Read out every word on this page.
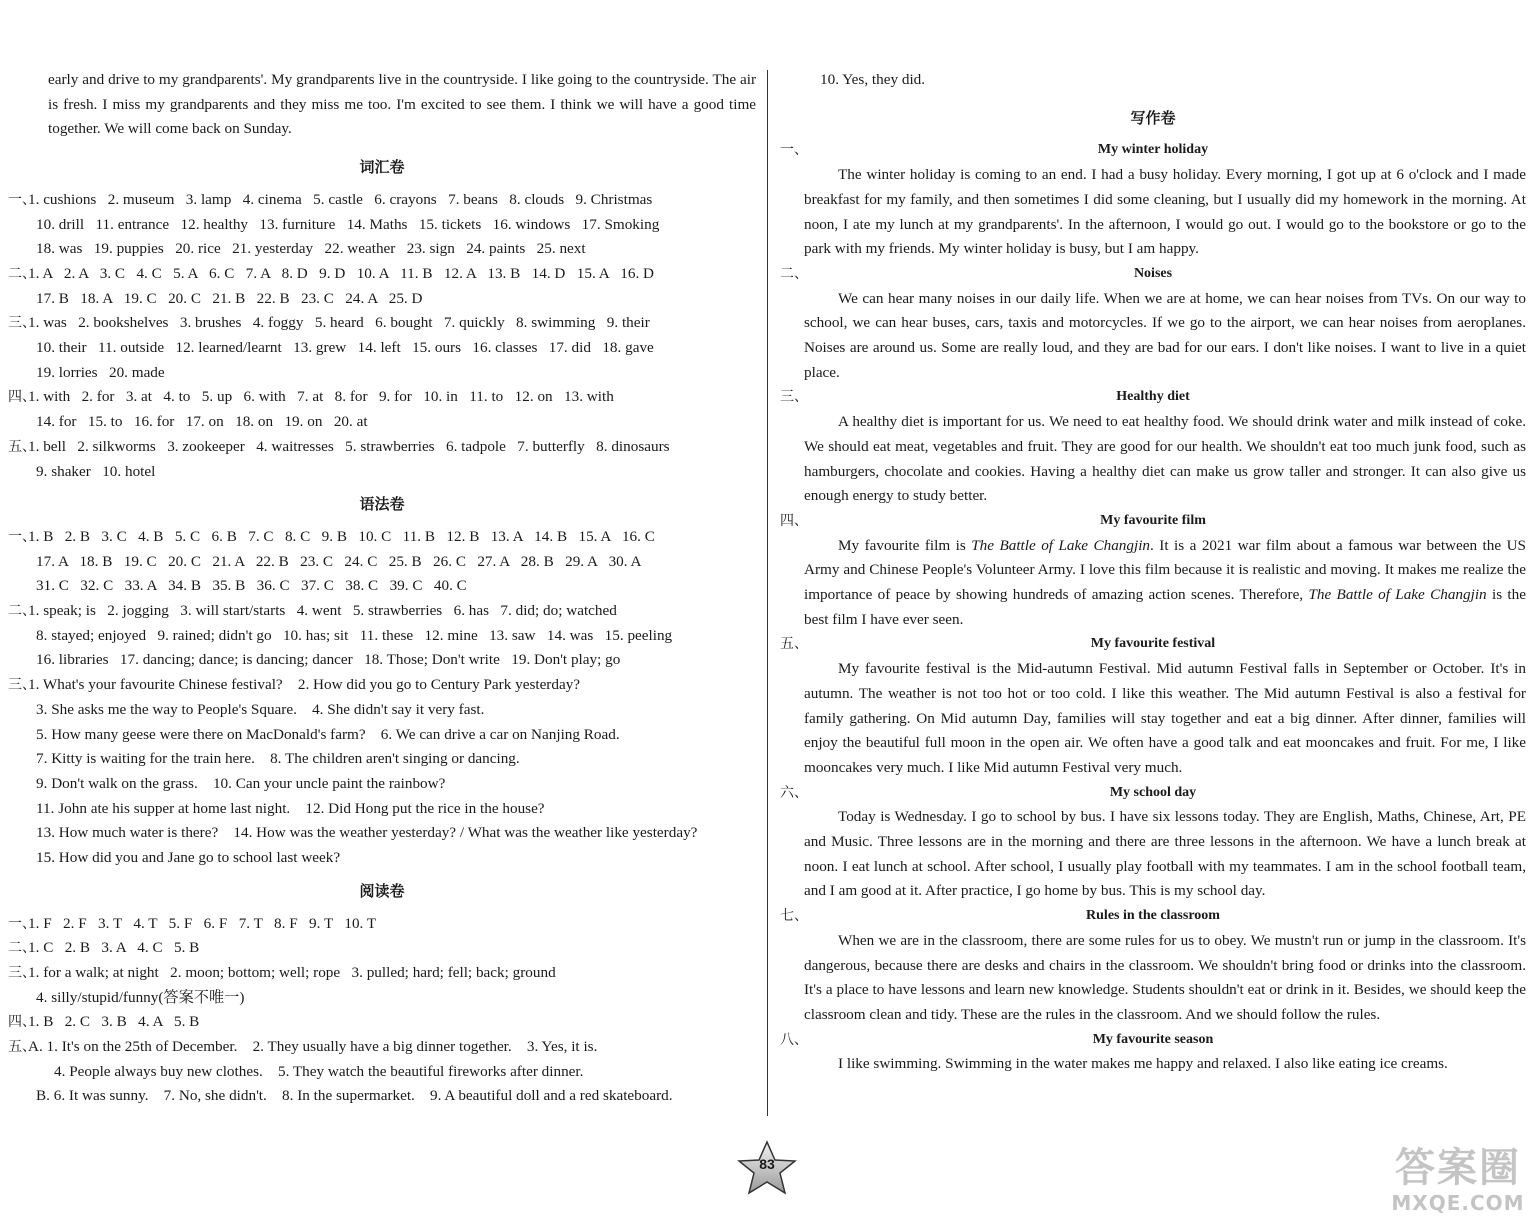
early and drive to my grandparents'. My grandparents live in the countryside. I like going to the countryside. The air is fresh. I miss my grandparents and they miss me too. I'm excited to see them. I think we will have a good time together. We will come back on Sunday.
词汇卷
一、1. cushions   2. museum   3. lamp   4. cinema   5. castle   6. crayons   7. beans   8. clouds   9. Christmas
10. drill   11. entrance   12. healthy   13. furniture   14. Maths   15. tickets   16. windows   17. Smoking
18. was   19. puppies   20. rice   21. yesterday   22. weather   23. sign   24. paints   25. next
二、1. A   2. A   3. C   4. C   5. A   6. C   7. A   8. D   9. D   10. A   11. B   12. A   13. B   14. D   15. A   16. D
17. B   18. A   19. C   20. C   21. B   22. B   23. C   24. A   25. D
三、1. was   2. bookshelves   3. brushes   4. foggy   5. heard   6. bought   7. quickly   8. swimming   9. their
10. their   11. outside   12. learned/learnt   13. grew   14. left   15. ours   16. classes   17. did   18. gave
19. lorries   20. made
四、1. with   2. for   3. at   4. to   5. up   6. with   7. at   8. for   9. for   10. in   11. to   12. on   13. with
14. for   15. to   16. for   17. on   18. on   19. on   20. at
五、1. bell   2. silkworms   3. zookeeper   4. waitresses   5. strawberries   6. tadpole   7. butterfly   8. dinosaurs
9. shaker   10. hotel
语法卷
一、1. B   2. B   3. C   4. B   5. C   6. B   7. C   8. C   9. B   10. C   11. B   12. B   13. A   14. B   15. A   16. C
17. A   18. B   19. C   20. C   21. A   22. B   23. C   24. C   25. B   26. C   27. A   28. B   29. A   30. A
31. C   32. C   33. A   34. B   35. B   36. C   37. C   38. C   39. C   40. C
二、1. speak; is   2. jogging   3. will start/starts   4. went   5. strawberries   6. has   7. did; do; watched
8. stayed; enjoyed   9. rained; didn't go   10. has; sit   11. these   12. mine   13. saw   14. was   15. peeling
16. libraries   17. dancing; dance; is dancing; dancer   18. Those; Don't write   19. Don't play; go
三、1. What's your favourite Chinese festival?    2. How did you go to Century Park yesterday?
3. She asks me the way to People's Square.    4. She didn't say it very fast.
5. How many geese were there on MacDonald's farm?    6. We can drive a car on Nanjing Road.
7. Kitty is waiting for the train here.    8. The children aren't singing or dancing.
9. Don't walk on the grass.    10. Can your uncle paint the rainbow?
11. John ate his supper at home last night.    12. Did Hong put the rice in the house?
13. How much water is there?    14. How was the weather yesterday? / What was the weather like yesterday?
15. How did you and Jane go to school last week?
阅读卷
一、1. F   2. F   3. T   4. T   5. F   6. F   7. T   8. F   9. T   10. T
二、1. C   2. B   3. A   4. C   5. B
三、1. for a walk; at night   2. moon; bottom; well; rope   3. pulled; hard; fell; back; ground
4. silly/stupid/funny(答案不唯一)
四、1. B   2. C   3. B   4. A   5. B
五、A. 1. It's on the 25th of December.    2. They usually have a big dinner together.    3. Yes, it is.
4. People always buy new clothes.    5. They watch the beautiful fireworks after dinner.
B. 6. It was sunny.    7. No, she didn't.    8. In the supermarket.    9. A beautiful doll and a red skateboard.
10. Yes, they did.
写作卷
一、	My winter holiday
The winter holiday is coming to an end. I had a busy holiday. Every morning, I got up at 6 o'clock and I made breakfast for my family, and then sometimes I did some cleaning, but I usually did my homework in the morning. At noon, I ate my lunch at my grandparents'. In the afternoon, I would go out. I would go to the bookstore or go to the park with my friends. My winter holiday is busy, but I am happy.
二、	Noises
We can hear many noises in our daily life. When we are at home, we can hear noises from TVs. On our way to school, we can hear buses, cars, taxis and motorcycles. If we go to the airport, we can hear noises from aeroplanes. Noises are around us. Some are really loud, and they are bad for our ears. I don't like noises. I want to live in a quiet place.
三、	Healthy diet
A healthy diet is important for us. We need to eat healthy food. We should drink water and milk instead of coke. We should eat meat, vegetables and fruit. They are good for our health. We shouldn't eat too much junk food, such as hamburgers, chocolate and cookies. Having a healthy diet can make us grow taller and stronger. It can also give us enough energy to study better.
四、	My favourite film
My favourite film is The Battle of Lake Changjin. It is a 2021 war film about a famous war between the US Army and Chinese People's Volunteer Army. I love this film because it is realistic and moving. It makes me realize the importance of peace by showing hundreds of amazing action scenes. Therefore, The Battle of Lake Changjin is the best film I have ever seen.
五、	My favourite festival
My favourite festival is the Mid-autumn Festival. Mid autumn Festival falls in September or October. It's in autumn. The weather is not too hot or too cold. I like this weather. The Mid autumn Festival is also a festival for family gathering. On Mid autumn Day, families will stay together and eat a big dinner. After dinner, families will enjoy the beautiful full moon in the open air. We often have a good talk and eat mooncakes and fruit. For me, I like mooncakes very much. I like Mid autumn Festival very much.
六、	My school day
Today is Wednesday. I go to school by bus. I have six lessons today. They are English, Maths, Chinese, Art, PE and Music. Three lessons are in the morning and there are three lessons in the afternoon. We have a lunch break at noon. I eat lunch at school. After school, I usually play football with my teammates. I am in the school football team, and I am good at it. After practice, I go home by bus. This is my school day.
七、	Rules in the classroom
When we are in the classroom, there are some rules for us to obey. We mustn't run or jump in the classroom. It's dangerous, because there are desks and chairs in the classroom. We shouldn't bring food or drinks into the classroom. It's a place to have lessons and learn new knowledge. Students shouldn't eat or drink in it. Besides, we should keep the classroom clean and tidy. These are the rules in the classroom. And we should follow the rules.
八、	My favourite season
I like swimming. Swimming in the water makes me happy and relaxed. I also like eating ice creams.
83	答案圈
MXQE.COM
